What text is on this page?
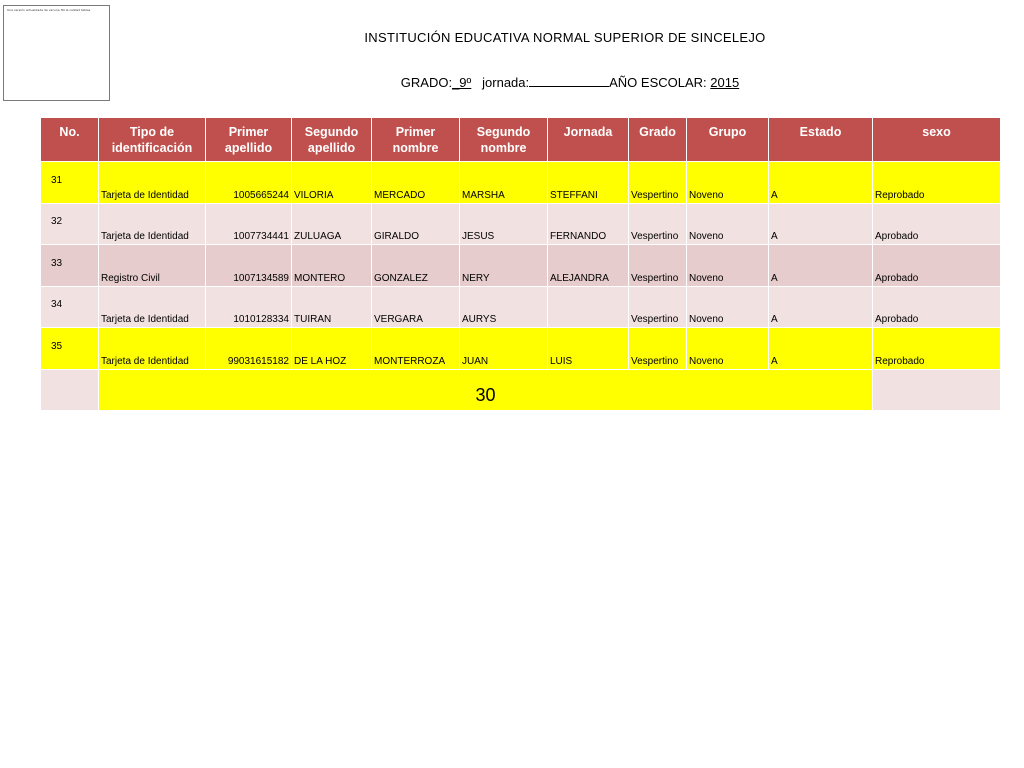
Una versión actualizada de vacuna 3D la calidad tablas
INSTITUCIÓN EDUCATIVA NORMAL SUPERIOR DE SINCELEJO
GRADO:_9º jornada:	AÑO ESCOLAR: 2015
No.	Tipo de identificación	Primer apellido	Segundo apellido	Primer nombre	Segundo nombre	Jornada	Grado	Grupo	Estado	sexo
31	Tarjeta de Identidad	1005665244	VILORIA	MERCADO	MARSHA	STEFFANI	Vespertino	Noveno	A	Reprobado
32	Tarjeta de Identidad	1007734441	ZULUAGA	GIRALDO	JESUS	FERNANDO	Vespertino	Noveno	A	Aprobado
33	Registro Civil	1007134589	MONTERO	GONZALEZ	NERY	ALEJANDRA	Vespertino	Noveno	A	Aprobado
34	Tarjeta de Identidad	1010128334	TUIRAN	VERGARA	AURYS		Vespertino	Noveno	A	Aprobado
35	Tarjeta de Identidad	99031615182	DE LA HOZ	MONTERROZA	JUAN	LUIS	Vespertino	Noveno	A	Reprobado
	30									
